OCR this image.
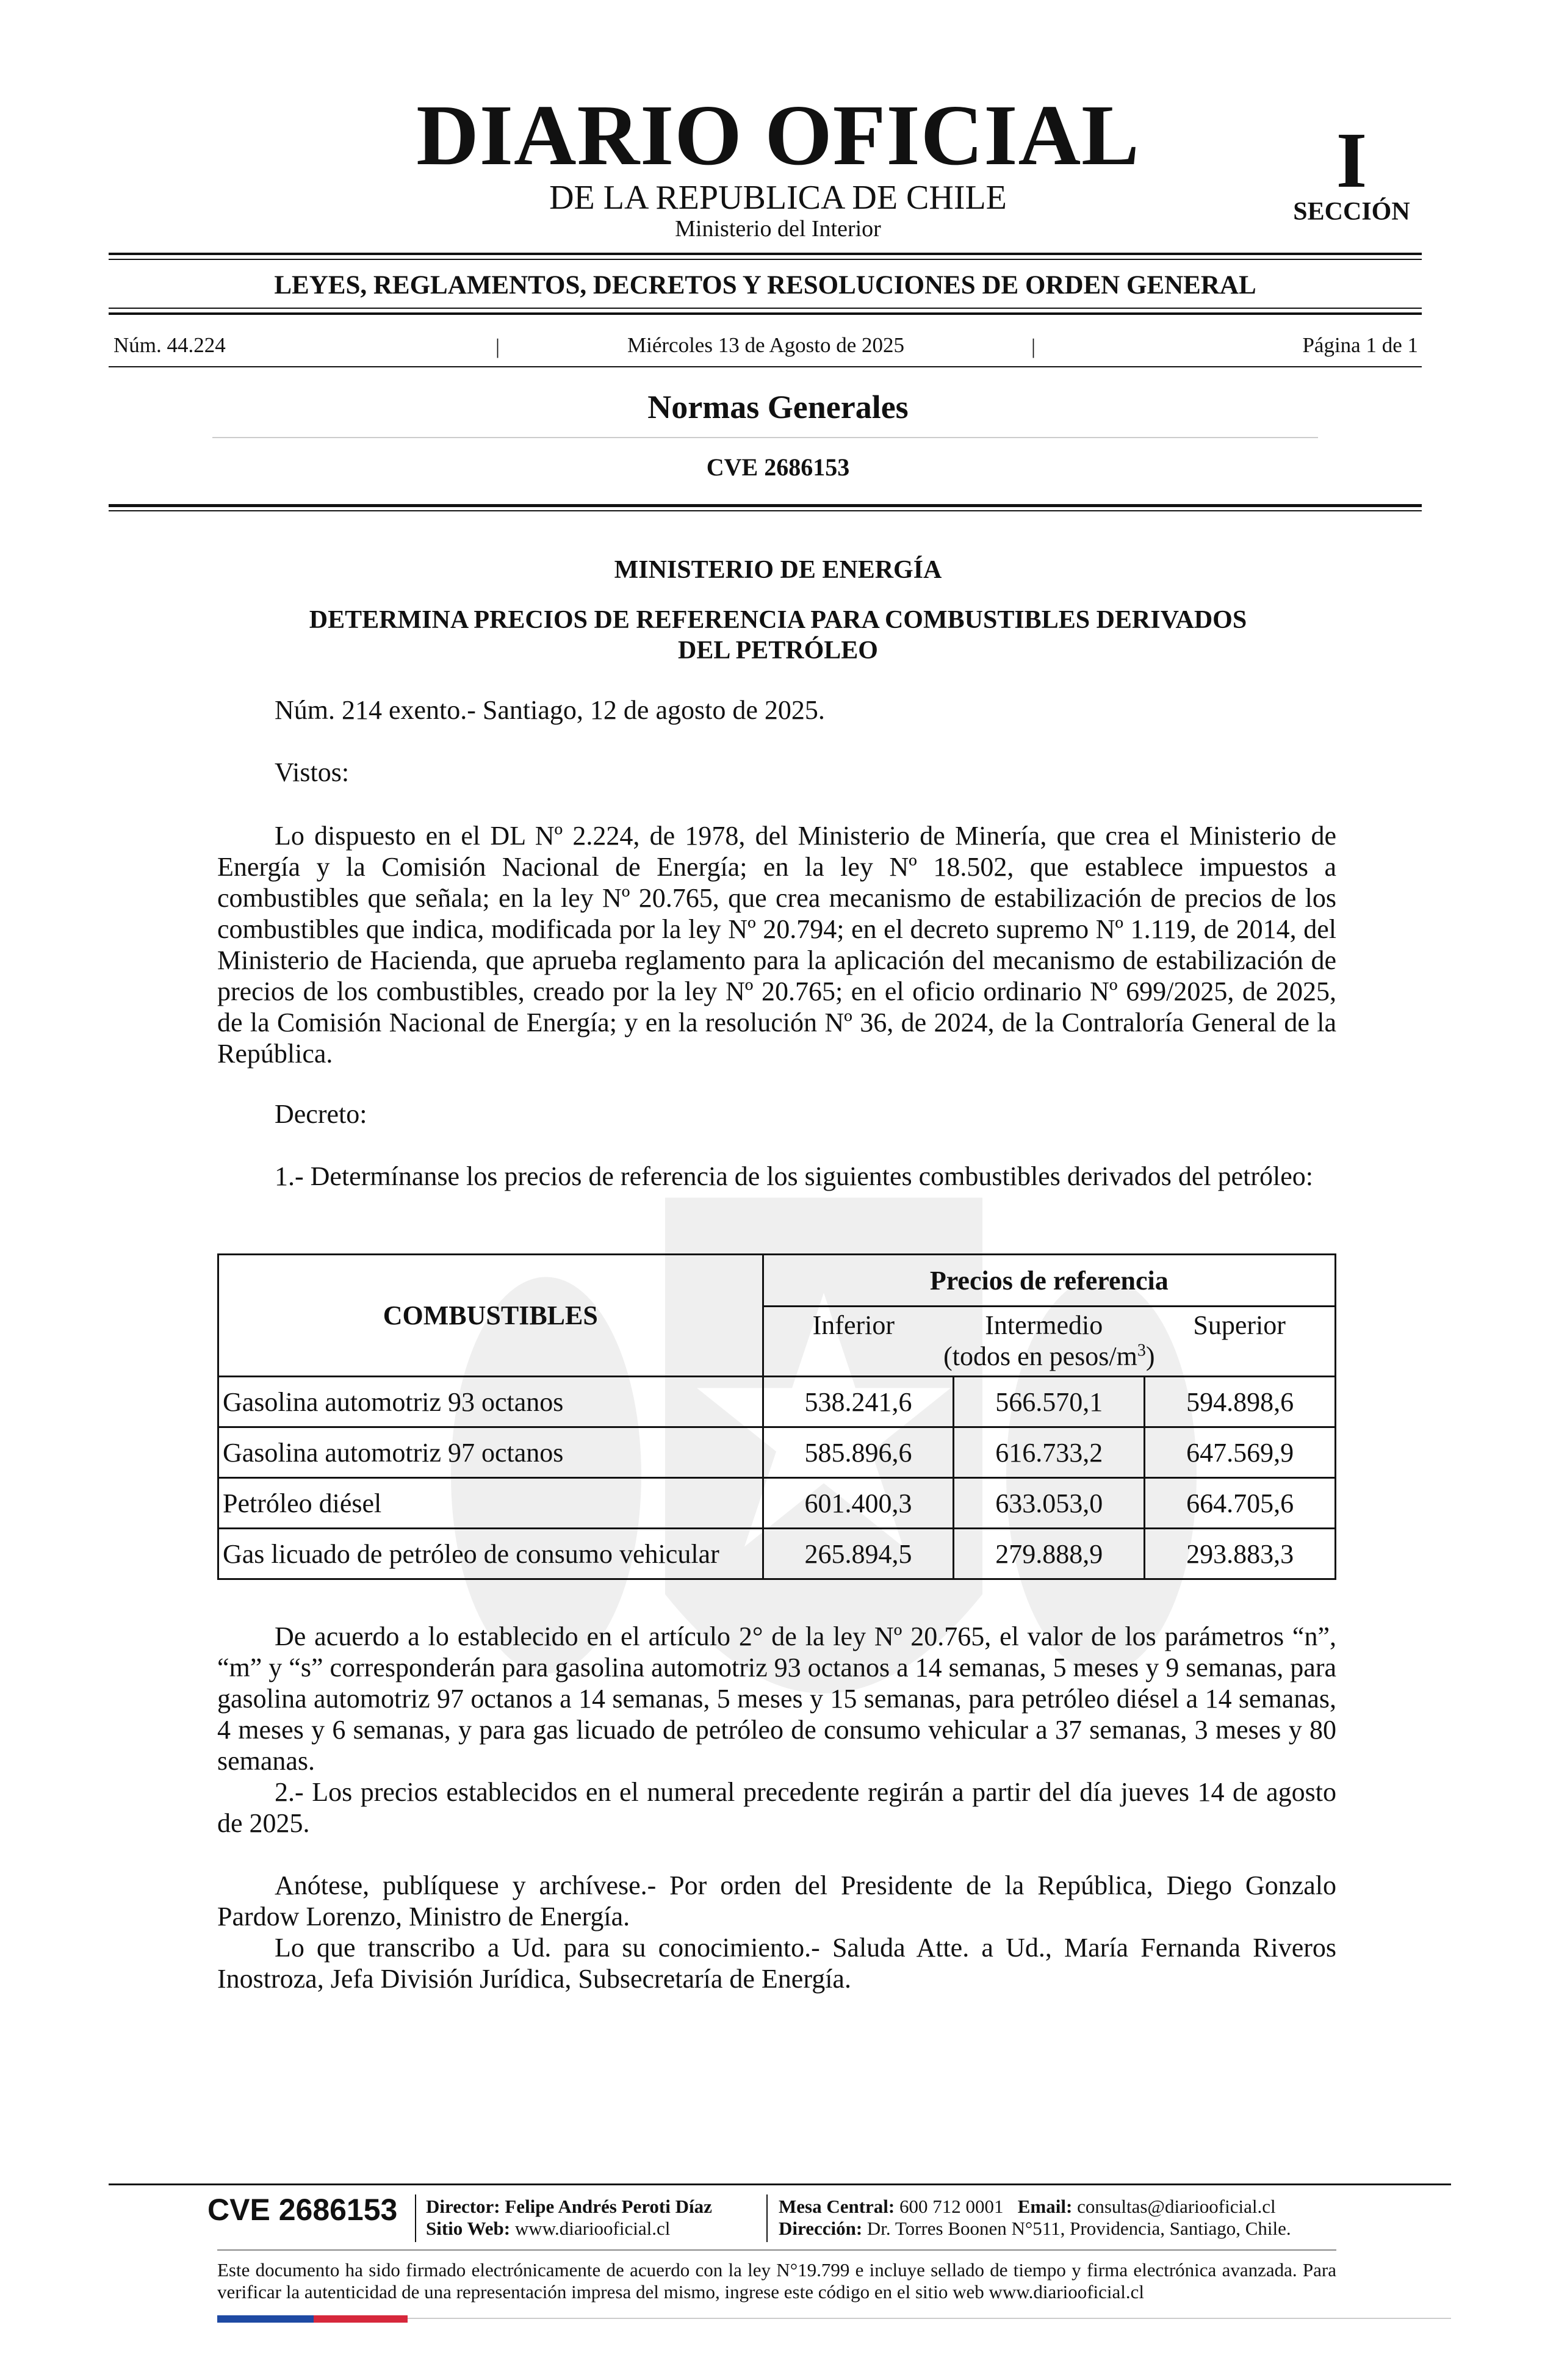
DIARIO OFICIAL
DE LA REPUBLICA DE CHILE
Ministerio del Interior
I
SECCIÓN
LEYES, REGLAMENTOS, DECRETOS Y RESOLUCIONES DE ORDEN GENERAL
Núm. 44.224	Miércoles 13 de Agosto de 2025	Página 1 de 1
|	|
Normas Generales
CVE 2686153
MINISTERIO DE ENERGÍA
DETERMINA PRECIOS DE REFERENCIA PARA COMBUSTIBLES DERIVADOS
DEL PETRÓLEO
Núm. 214 exento.- Santiago, 12 de agosto de 2025.
Vistos:

Lo dispuesto en el DL Nº 2.224, de 1978, del Ministerio de Minería, que crea el Ministerio de Energía y la Comisión Nacional de Energía; en la ley Nº 18.502, que establece impuestos a combustibles que señala; en la ley Nº 20.765, que crea mecanismo de estabilización de precios de los combustibles que indica, modificada por la ley Nº 20.794; en el decreto supremo Nº 1.119, de 2014, del Ministerio de Hacienda, que aprueba reglamento para la aplicación del mecanismo de estabilización de precios de los combustibles, creado por la ley Nº 20.765; en el oficio ordinario Nº 699/2025, de 2025, de la Comisión Nacional de Energía; y en la resolución Nº 36, de 2024, de la Contraloría General de la República.

Decreto:

1.- Determínanse los precios de referencia de los siguientes combustibles derivados del petróleo:

COMBUSTIBLES	Precios de referencia		

	Inferior Intermedio Superior
(todos en pesos/$m^3$)		

Gasolina automotriz 93 octanos	538.241,6	566.570,1	594.898,6
Gasolina automotriz 97 octanos	585.896,6	616.733,2	647.569,9
Petróleo diésel	601.400,3	633.053,0	664.705,6
Gas licuado de petróleo de consumo vehicular	265.894,5	279.888,9	293.883,3

De acuerdo a lo establecido en el artículo 2° de la ley Nº 20.765, el valor de los parámetros “n”, “m” y “s” corresponderán para gasolina automotriz 93 octanos a 14 semanas, 5 meses y 9 semanas, para gasolina automotriz 97 octanos a 14 semanas, 5 meses y 15 semanas, para petróleo diésel a 14 semanas, 4 meses y 6 semanas, y para gas licuado de petróleo de consumo vehicular a 37 semanas, 3 meses y 80 semanas.

2.- Los precios establecidos en el numeral precedente regirán a partir del día jueves 14 de agosto de 2025.

Anótese, publíquese y archívese.- Por orden del Presidente de la República, Diego Gonzalo Pardow Lorenzo, Ministro de Energía.

Lo que transcribo a Ud. para su conocimiento.- Saluda Atte. a Ud., María Fernanda Riveros Inostroza, Jefa División Jurídica, Subsecretaría de Energía.

CVE 2686153 Director: Felipe Andrés Peroti Díaz
Sitio Web: www.diariooficial.cl
Mesa Central: 600 712 0001 Email: consultas@diariooficial.cl
Dirección: Dr. Torres Boonen N°511, Providencia, Santiago, Chile.
Este documento ha sido firmado electrónicamente de acuerdo con la ley N°19.799 e incluye sellado de tiempo y firma electrónica avanzada. Para verificar la autenticidad de una representación impresa del mismo, ingrese este código en el sitio web www.diariooficial.cl
